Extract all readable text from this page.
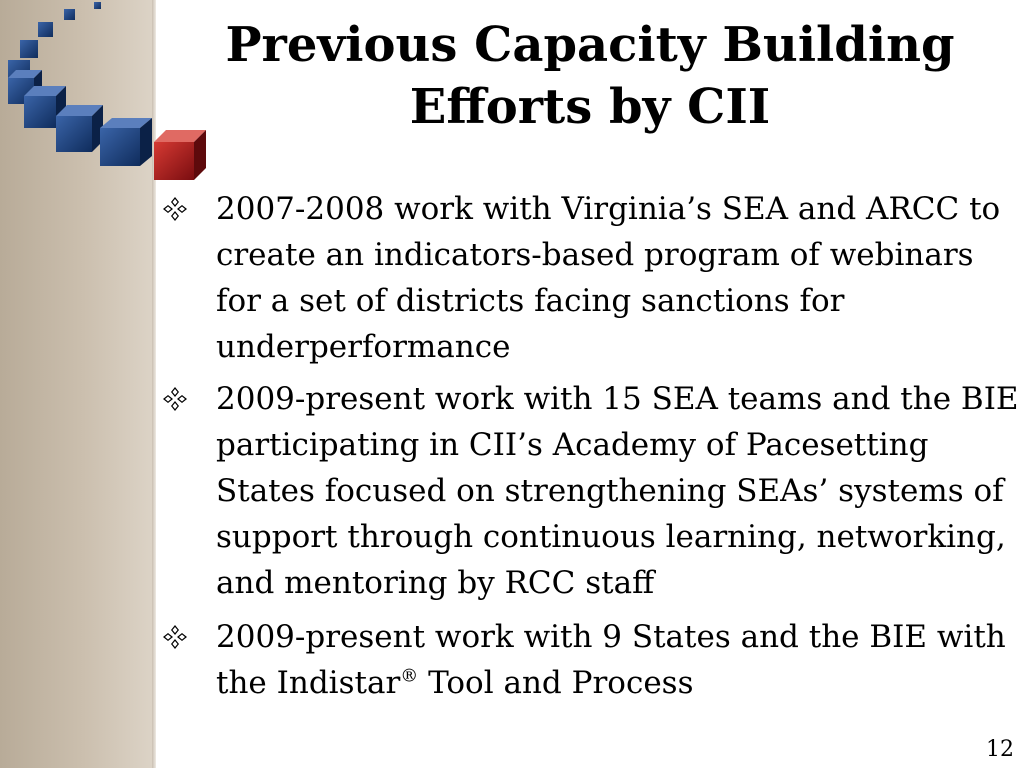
Previous Capacity Building Efforts by CII
2007-2008 work with Virginia’s SEA and ARCC to create an indicators-based program of webinars for a set of districts facing sanctions for underperformance
2009-present work with 15 SEA teams and the BIE participating in CII’s Academy of Pacesetting States focused on strengthening SEAs’ systems of support through continuous learning, networking, and mentoring by RCC staff
2009-present work with 9 States and the BIE with the Indistar® Tool and Process
12
